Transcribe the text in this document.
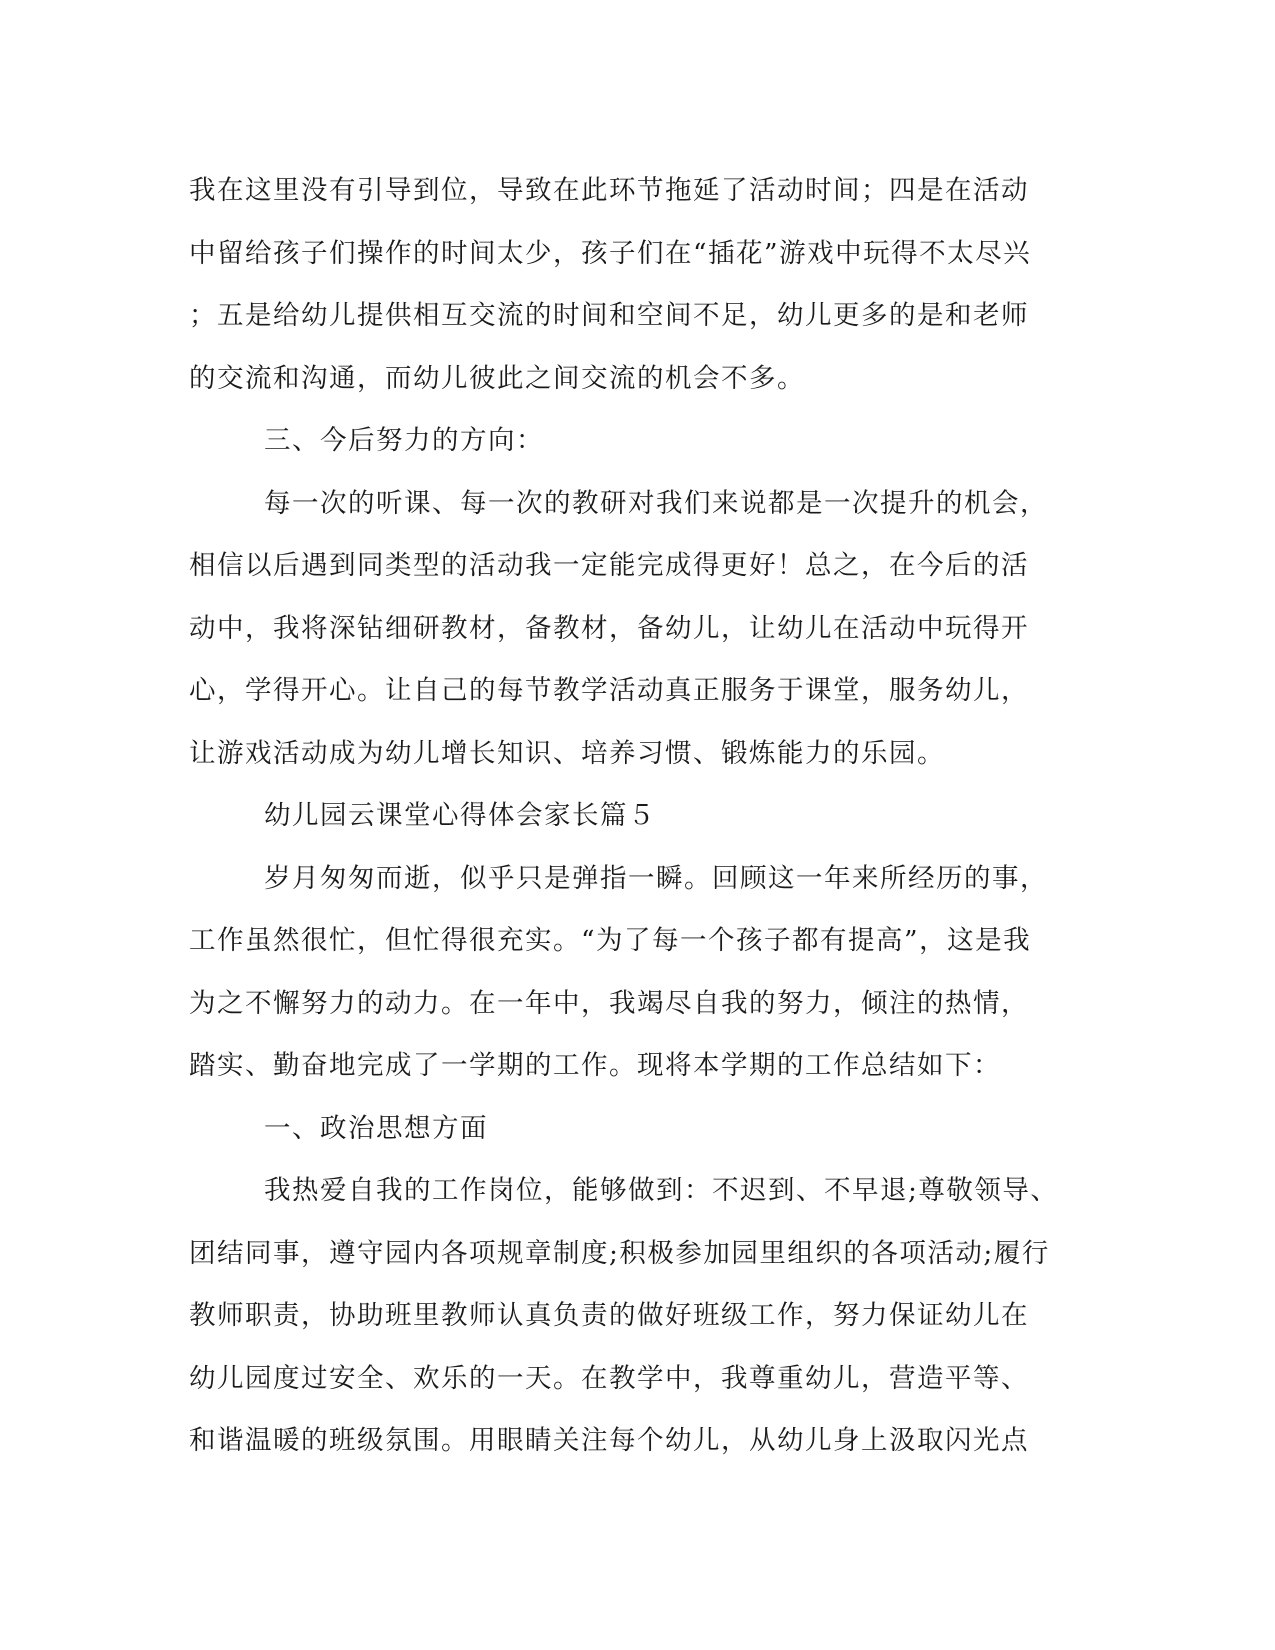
我在这里没有引导到位，导致在此环节拖延了活动时间；四是在活动
中留给孩子们操作的时间太少，孩子们在“插花”游戏中玩得不太尽兴
；五是给幼儿提供相互交流的时间和空间不足，幼儿更多的是和老师
的交流和沟通，而幼儿彼此之间交流的机会不多。
三、今后努力的方向：
每一次的听课、每一次的教研对我们来说都是一次提升的机会，
相信以后遇到同类型的活动我一定能完成得更好！总之，在今后的活
动中，我将深钻细研教材，备教材，备幼儿，让幼儿在活动中玩得开
心，学得开心。让自己的每节教学活动真正服务于课堂，服务幼儿，
让游戏活动成为幼儿增长知识、培养习惯、锻炼能力的乐园。
幼儿园云课堂心得体会家长篇５
岁月匆匆而逝，似乎只是弹指一瞬。回顾这一年来所经历的事，
工作虽然很忙，但忙得很充实。“为了每一个孩子都有提高”，这是我
为之不懈努力的动力。在一年中，我竭尽自我的努力，倾注的热情，
踏实、勤奋地完成了一学期的工作。现将本学期的工作总结如下：
一、政治思想方面
我热爱自我的工作岗位，能够做到：不迟到、不早退;尊敬领导、
团结同事，遵守园内各项规章制度;积极参加园里组织的各项活动;履行
教师职责，协助班里教师认真负责的做好班级工作，努力保证幼儿在
幼儿园度过安全、欢乐的一天。在教学中，我尊重幼儿，营造平等、
和谐温暖的班级氛围。用眼睛关注每个幼儿，从幼儿身上汲取闪光点
